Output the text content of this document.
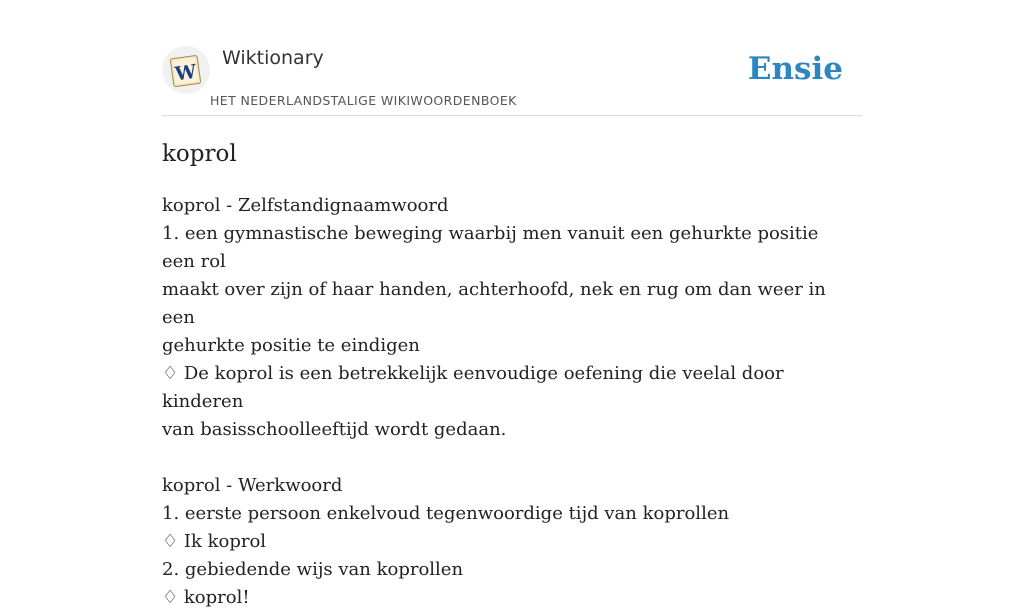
W
Wiktionary
HET NEDERLANDSTALIGE WIKIWOORDENBOEK
Ensie
koprol
koprol - Zelfstandignaamwoord
1. een gymnastische beweging waarbij men vanuit een gehurkte positie een rol
maakt over zijn of haar handen, achterhoofd, nek en rug om dan weer in een
gehurkte positie te eindigen
♢ De koprol is een betrekkelijk eenvoudige oefening die veelal door kinderen
van basisschoolleeftijd wordt gedaan.
koprol - Werkwoord
1. eerste persoon enkelvoud tegenwoordige tijd van koprollen
♢ Ik koprol
2. gebiedende wijs van koprollen
♢ koprol!
